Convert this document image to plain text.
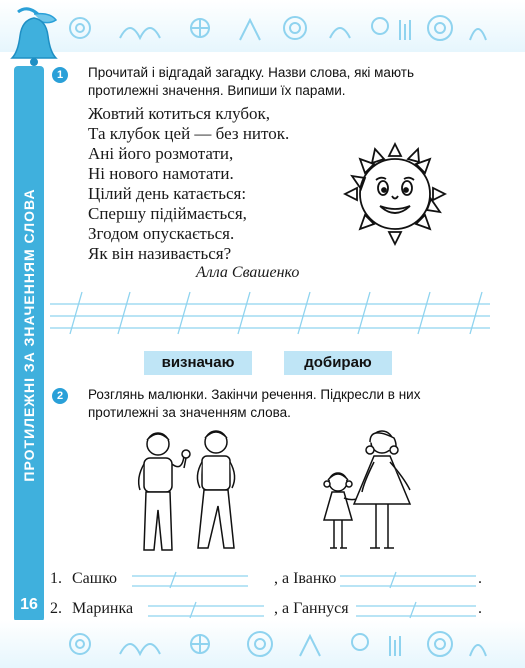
ПРОТИЛЕЖНІ ЗА ЗНАЧЕННЯМ СЛОВА
16
1	Прочитай і відгадай загадку. Назви слова, які мають
протилежні значення. Випиши їх парами.
Жовтий котиться клубок,
Та клубок цей — без ниток.
Ані його розмотати,
Ні нового намотати.
Цілий день катається:
Спершу підіймається,
Згодом опускається.
Як він називається?
Алла Свашенко
визначаю	добираю
2	Розглянь малюнки. Закінчи речення. Підкресли в них
протилежні за значенням слова.
1. Сашко	, а Іванко	.
2. Маринка	, а Ганнуся	.
